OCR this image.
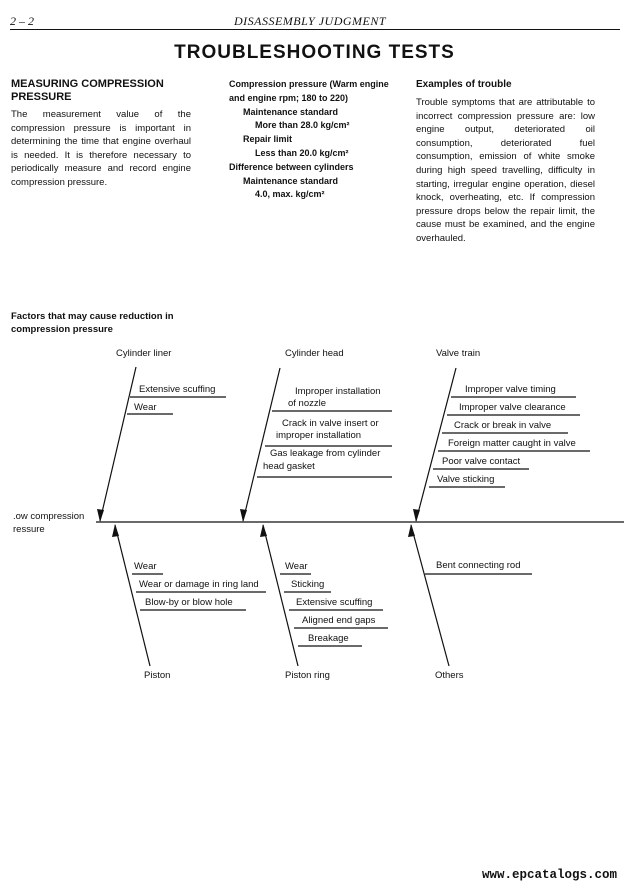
2 – 2	DISASSEMBLY JUDGMENT
TROUBLESHOOTING TESTS
MEASURING COMPRESSION
PRESSURE
The measurement value of the compression pressure is important in determining the time that engine overhaul is needed. It is therefore necessary to periodically measure and record engine compression pressure.
Compression pressure (Warm engine
and engine rpm; 180 to 220)
Maintenance standard
More than 28.0 kg/cm²
Repair limit
Less than 20.0 kg/cm²
Difference between cylinders
Maintenance standard
4.0, max. kg/cm²
Examples of trouble
Trouble symptoms that are attributable to incorrect compression pressure are: low engine output, deteriorated oil consumption, deteriorated fuel consumption, emission of white smoke during high speed travelling, difficulty in starting, irregular engine operation, diesel knock, overheating, etc. If compression pressure drops below the repair limit, the cause must be examined, and the engine overhauled.
Factors that may cause reduction in
compression pressure
.ow compression
ressure
Cylinder liner	Cylinder head	Valve train
Piston	Piston ring	Others
Extensive scuffing
Wear
Improper installation
of nozzle
Crack in valve insert or
improper installation
Gas leakage from cylinder
head gasket
Improper valve timing
Improper valve clearance
Crack or break in valve
Foreign matter caught in valve
Poor valve contact
Valve sticking
Wear
Wear or damage in ring land
Blow-by or blow hole
Wear
Sticking
Extensive scuffing
Aligned end gaps
Breakage
Bent connecting rod
www.epcatalogs.com
